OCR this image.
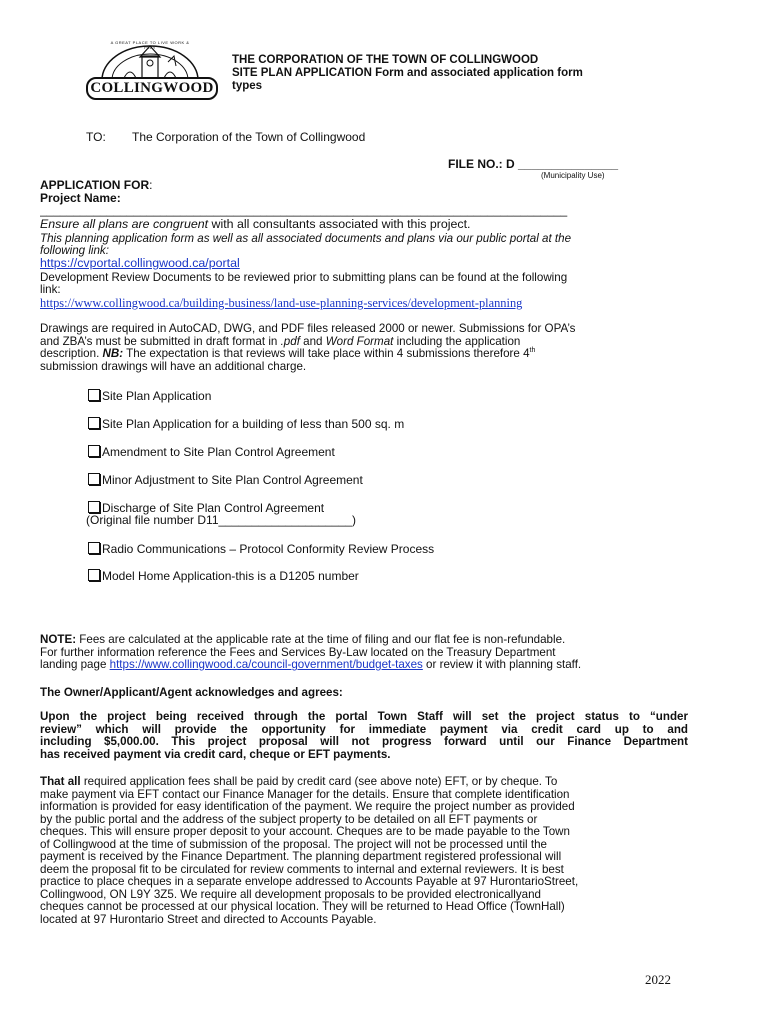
A GREAT PLACE TO LIVE WORK & PLAY
COLLINGWOOD
THE CORPORATION OF THE TOWN OF COLLINGWOOD
SITE PLAN APPLICATION Form and associated application form
types
TO: The Corporation of the Town of Collingwood
FILE NO.: D _______________
(Municipality Use)
APPLICATION FOR:
Project Name:
_______________________________________________________________________________
Ensure all plans are congruent with all consultants associated with this project.
This planning application form as well as all associated documents and plans via our public portal at the
following link:
https://cvportal.collingwood.ca/portal
Development Review Documents to be reviewed prior to submitting plans can be found at the following
link:
https://www.collingwood.ca/building-business/land-use-planning-services/development-planning
Drawings are required in AutoCAD, DWG, and PDF files released 2000 or newer. Submissions for OPA’s
and ZBA’s must be submitted in draft format in .pdf and Word Format including the application
description. NB: The expectation is that reviews will take place within 4 submissions therefore 4th
submission drawings will have an additional charge.
Site Plan Application
Site Plan Application for a building of less than 500 sq. m
Amendment to Site Plan Control Agreement
Minor Adjustment to Site Plan Control Agreement
Discharge of Site Plan Control Agreement
(Original file number D11____________________)
Radio Communications – Protocol Conformity Review Process
Model Home Application-this is a D1205 number
NOTE: Fees are calculated at the applicable rate at the time of filing and our flat fee is non-refundable.
For further information reference the Fees and Services By-Law located on the Treasury Department
landing page https://www.collingwood.ca/council-government/budget-taxes or review it with planning staff.
The Owner/Applicant/Agent acknowledges and agrees:
Upon the project being received through the portal Town Staff will set the project status to “under
review” which will provide the opportunity for immediate payment via credit card up to and
including $5,000.00. This project proposal will not progress forward until our Finance Department
has received payment via credit card, cheque or EFT payments.
That all required application fees shall be paid by credit card (see above note) EFT, or by cheque. To
make payment via EFT contact our Finance Manager for the details. Ensure that complete identification
information is provided for easy identification of the payment. We require the project number as provided
by the public portal and the address of the subject property to be detailed on all EFT payments or
cheques. This will ensure proper deposit to your account. Cheques are to be made payable to the Town
of Collingwood at the time of submission of the proposal. The project will not be processed until the
payment is received by the Finance Department. The planning department registered professional will
deem the proposal fit to be circulated for review comments to internal and external reviewers. It is best
practice to place cheques in a separate envelope addressed to Accounts Payable at 97 HurontarioStreet,
Collingwood, ON L9Y 3Z5. We require all development proposals to be provided electronicallyand
cheques cannot be processed at our physical location. They will be returned to Head Office (TownHall)
located at 97 Hurontario Street and directed to Accounts Payable.
2022
